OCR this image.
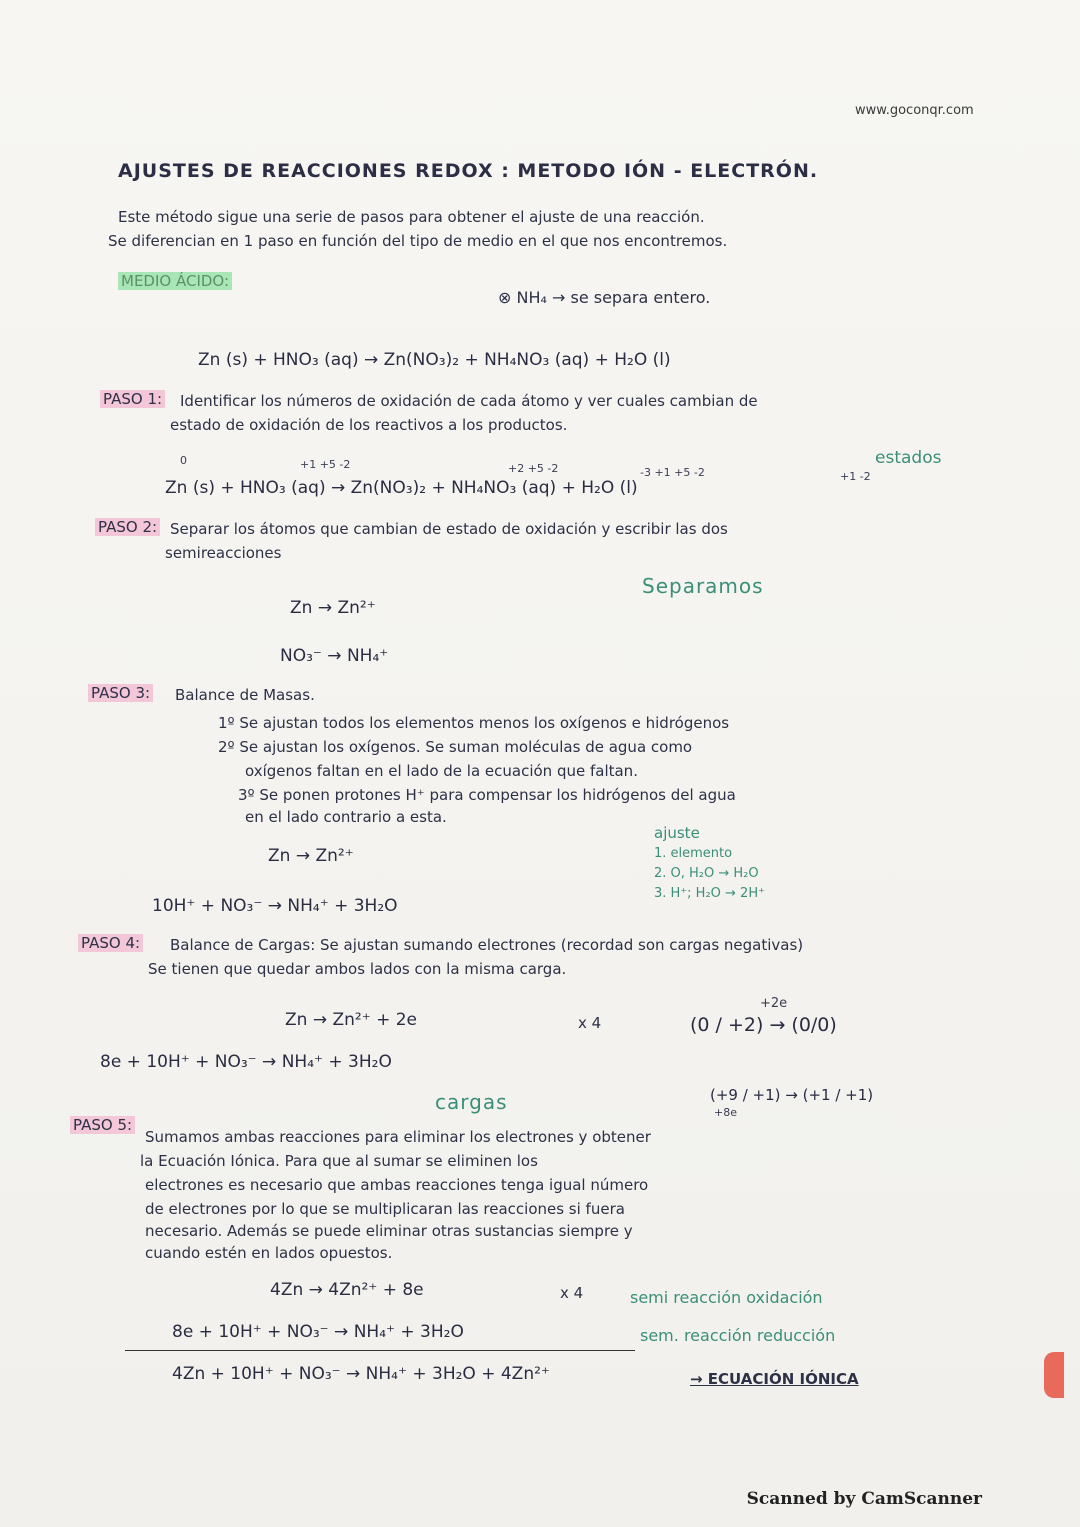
www.goconqr.com
AJUSTES DE REACCIONES REDOX : METODO IÓN - ELECTRÓN.
Este método sigue una serie de pasos para obtener el ajuste de una reacción.
Se diferencian en 1 paso en función del tipo de medio en el que nos encontremos.
MEDIO ÁCIDO:
⊗ NH₄ → se separa entero.
Zn (s) + HNO₃ (aq) → Zn(NO₃)₂ + NH₄NO₃ (aq) + H₂O (l)
PASO 1: Identificar los números de oxidación de cada átomo y ver cuales cambian de
estado de oxidación de los reactivos a los productos.
estados
0	+1 +5 -2	+2 +5 -2	-3 +1 +5 -2	+1 -2
Zn (s) + HNO₃ (aq) → Zn(NO₃)₂ + NH₄NO₃ (aq) + H₂O (l)
PASO 2: Separar los átomos que cambian de estado de oxidación y escribir las dos
semireacciones
Separamos
Zn → Zn²⁺
NO₃⁻ → NH₄⁺
PASO 3: Balance de Masas.
1º Se ajustan todos los elementos menos los oxígenos e hidrógenos
2º Se ajustan los oxígenos. Se suman moléculas de agua como
oxígenos faltan en el lado de la ecuación que faltan.
3º Se ponen protones H⁺ para compensar los hidrógenos del agua
en el lado contrario a esta.
ajuste
1. elemento
2. O, H₂O → H₂O
3. H⁺; H₂O → 2H⁺
Zn → Zn²⁺
10H⁺ + NO₃⁻ → NH₄⁺ + 3H₂O
PASO 4: Balance de Cargas: Se ajustan sumando electrones (recordad son cargas negativas)
Se tienen que quedar ambos lados con la misma carga.
+2e
Zn → Zn²⁺ + 2e	x 4	(0 / +2) → (0/0)
8e + 10H⁺ + NO₃⁻ → NH₄⁺ + 3H₂O
(+9 / +1) → (+1 / +1)
+8e
cargas
PASO 5:
Sumamos ambas reacciones para eliminar los electrones y obtener
la Ecuación Iónica. Para que al sumar se eliminen los
electrones es necesario que ambas reacciones tenga igual número
de electrones por lo que se multiplicaran las reacciones si fuera
necesario. Además se puede eliminar otras sustancias siempre y
cuando estén en lados opuestos.
4Zn → 4Zn²⁺ + 8e	x 4	semi reacción oxidación
8e + 10H⁺ + NO₃⁻ → NH₄⁺ + 3H₂O	sem. reacción reducción
4Zn + 10H⁺ + NO₃⁻ → NH₄⁺ + 3H₂O + 4Zn²⁺	→ ECUACIÓN IÓNICA
Scanned by CamScanner
